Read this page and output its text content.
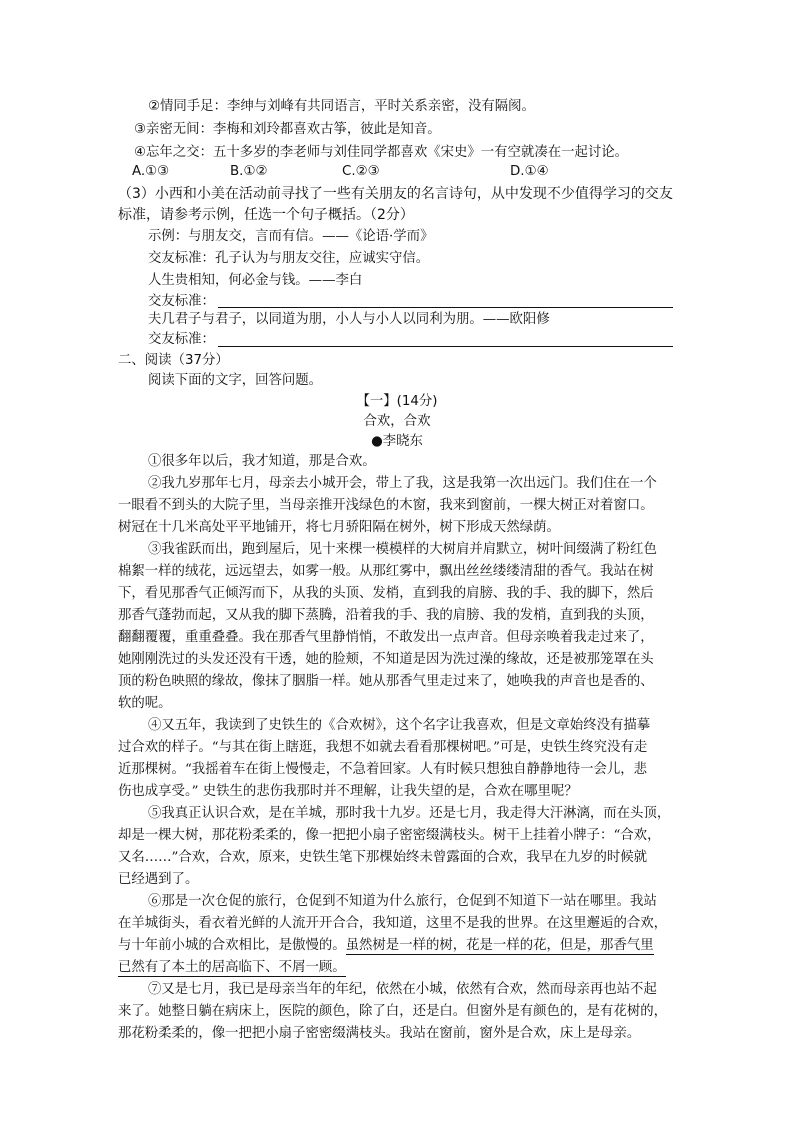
②情同手足：李绅与刘峰有共同语言，平时关系亲密，没有隔阂。
③亲密无间：李梅和刘玲都喜欢古筝，彼此是知音。
④忘年之交：五十多岁的李老师与刘佳同学都喜欢《宋史》一有空就凑在一起讨论。
A.①③	B.①②	C.②③	D.①④
（3）小西和小美在活动前寻找了一些有关朋友的名言诗句，从中发现不少值得学习的交友
标准，请参考示例，任选一个句子概括。（2分）
示例：与朋友交，言而有信。——《论语·学而》
交友标准：孔子认为与朋友交往，应诚实守信。
人生贵相知，何必金与钱。——李白
交友标准：
夫几君子与君子，以同道为朋，小人与小人以同利为朋。——欧阳修
交友标准：
二、阅读（37分）
阅读下面的文字，回答问题。
【一】(14分)
合欢，合欢
●李晓东
①很多年以后，我才知道，那是合欢。
②我九岁那年七月，母亲去小城开会，带上了我，这是我第一次出远门。我们住在一个
一眼看不到头的大院子里，当母亲推开浅绿色的木窗，我来到窗前，一棵大树正对着窗口。
树冠在十几米高处平平地铺开，将七月骄阳隔在树外，树下形成天然绿荫。
③我雀跃而出，跑到屋后，见十来棵一模模样的大树肩并肩默立，树叶间缀满了粉红色
棉絮一样的绒花，远远望去，如雾一般。从那红雾中，飘出丝丝缕缕清甜的香气。我站在树
下，看见那香气正倾泻而下，从我的头顶、发梢，直到我的肩膀、我的手、我的脚下，然后
那香气蓬勃而起，又从我的脚下蒸腾，沿着我的手、我的肩膀、我的发梢，直到我的头顶，
翻翻覆覆，重重叠叠。我在那香气里静悄悄，不敢发出一点声音。但母亲唤着我走过来了，
她刚刚洗过的头发还没有干透，她的脸颊，不知道是因为洗过澡的缘故，还是被那笼罩在头
顶的粉色映照的缘故，像抹了胭脂一样。她从那香气里走过来了，她唤我的声音也是香的、
软的呢。
④又五年，我读到了史铁生的《合欢树》，这个名字让我喜欢，但是文章始终没有描摹
过合欢的样子。“与其在街上瞎逛，我想不如就去看看那棵树吧。”可是，史铁生终究没有走
近那棵树。“我摇着车在街上慢慢走，不急着回家。人有时候只想独自静静地待一会儿，悲
伤也成享受。” 史铁生的悲伤我那时并不理解，让我失望的是，合欢在哪里呢？
⑤我真正认识合欢，是在羊城，那时我十九岁。还是七月，我走得大汗淋漓，而在头顶，
却是一棵大树，那花粉柔柔的，像一把把小扇子密密缀满枝头。树干上挂着小牌子：“合欢，
又名……”合欢，合欢，原来，史铁生笔下那棵始终未曾露面的合欢，我早在九岁的时候就
已经遇到了。
⑥那是一次仓促的旅行，仓促到不知道为什么旅行，仓促到不知道下一站在哪里。我站
在羊城街头，看衣着光鲜的人流开开合合，我知道，这里不是我的世界。在这里邂逅的合欢，
与十年前小城的合欢相比，是傲慢的。虽然树是一样的树，花是一样的花，但是，那香气里
已然有了本土的居高临下、不屑一顾。
⑦又是七月，我已是母亲当年的年纪，依然在小城，依然有合欢，然而母亲再也站不起
来了。她整日躺在病床上，医院的颜色，除了白，还是白。但窗外是有颜色的，是有花树的，
那花粉柔柔的，像一把把小扇子密密缀满枝头。我站在窗前，窗外是合欢，床上是母亲。
